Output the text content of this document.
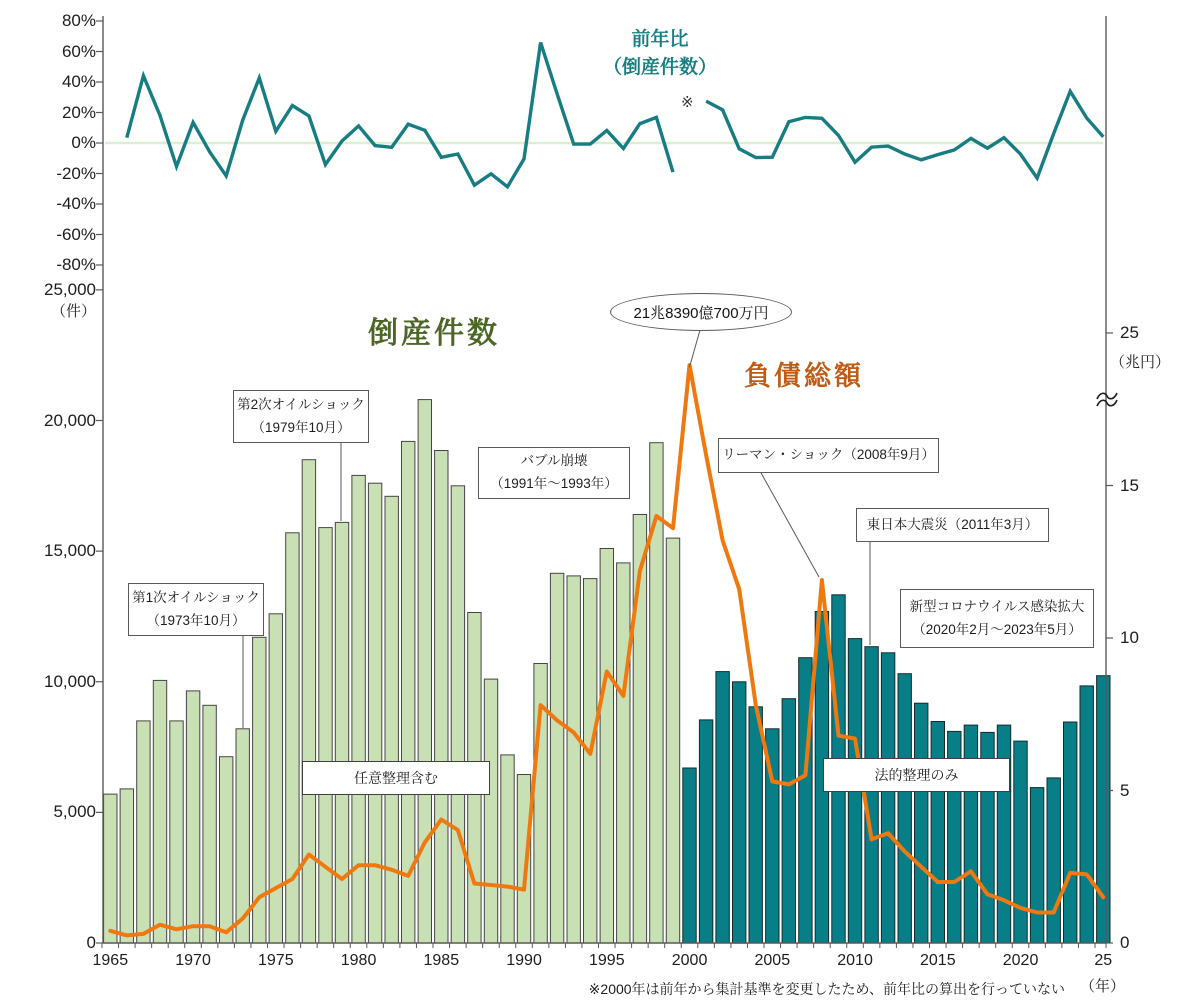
前年比
（倒産件数）
※
倒産件数
負債総額
21兆8390億700万円
任意整理含む	法的整理のみ
（件）
（兆円）
（年）
※2000年は前年から集計基準を変更したため、前年比の算出を行っていない
80%
60%
40%
20%
0%
-20%
-40%
-60%
-80%
25,000
20,000
15,000
10,000
5,000
0
25
15
10
5
0
1965	1970	1975	1980	1985	1990	1995	2000	2005	2010	2015	2020	25
第1次オイルショック
（1973年10月）
第2次オイルショック
（1979年10月）
バブル崩壊
（1991年～1993年）
リーマン・ショック（2008年9月）
東日本大震災（2011年3月）
新型コロナウイルス感染拡大
（2020年2月～2023年5月）
